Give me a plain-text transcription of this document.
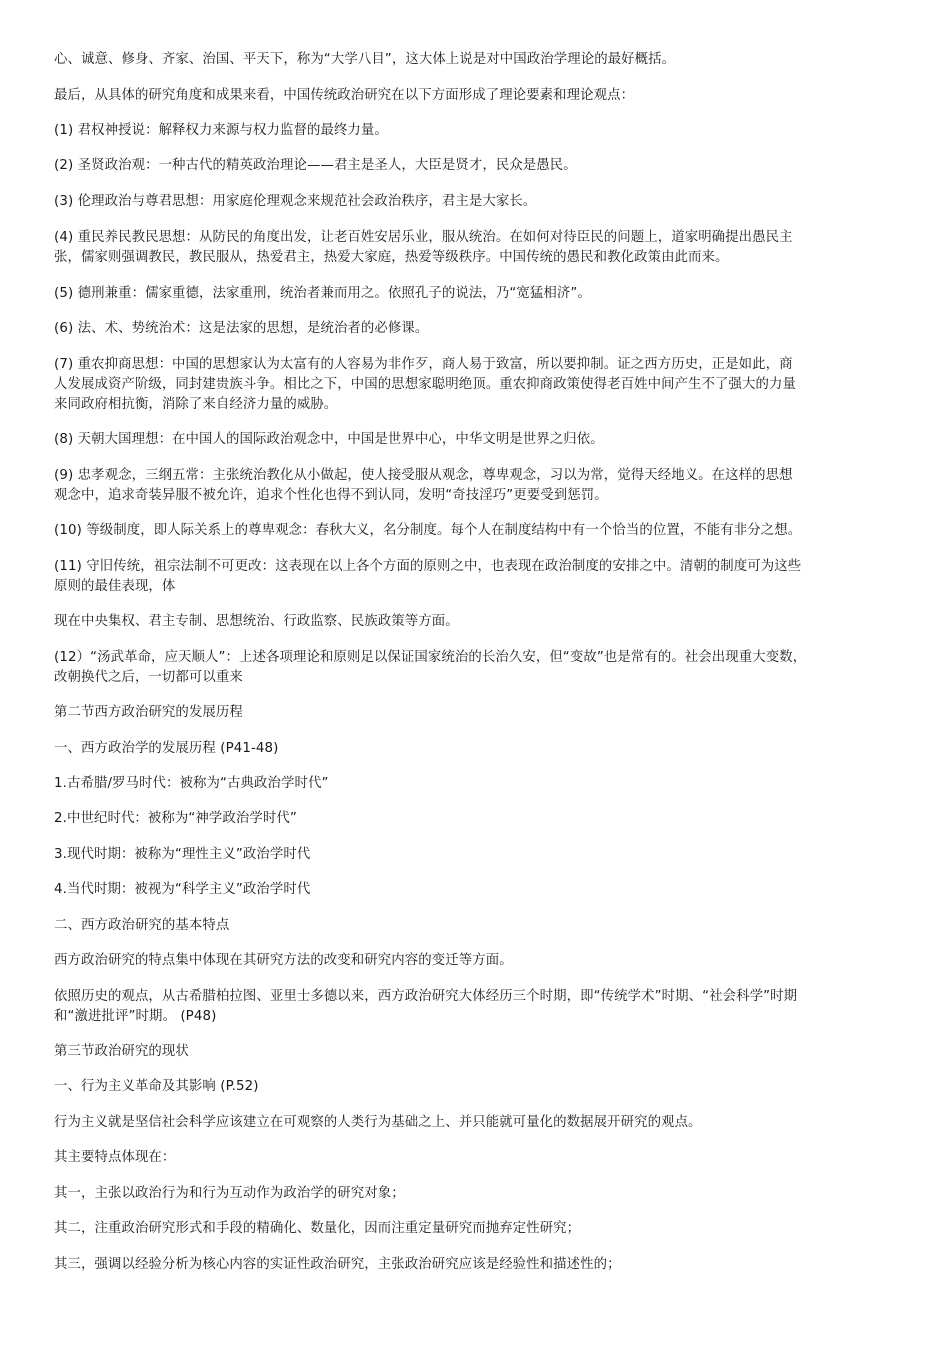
心、诚意、修身、齐家、治国、平天下，称为“大学八目”，这大体上说是对中国政治学理论的最好概括。
最后，从具体的研究角度和成果来看，中国传统政治研究在以下方面形成了理论要素和理论观点：
(1) 君权神授说：解释权力来源与权力监督的最终力量。
(2) 圣贤政治观：一种古代的精英政治理论——君主是圣人，大臣是贤才，民众是愚民。
(3) 伦理政治与尊君思想：用家庭伦理观念来规范社会政治秩序，君主是大家长。
(4) 重民养民教民思想：从防民的角度出发，让老百姓安居乐业，服从统治。在如何对待臣民的问题上，道家明确提出愚民主
张，儒家则强调教民，教民服从，热爱君主，热爱大家庭，热爱等级秩序。中国传统的愚民和教化政策由此而来。
(5) 德刑兼重：儒家重德，法家重刑，统治者兼而用之。依照孔子的说法，乃“宽猛相济”。
(6) 法、术、势统治术：这是法家的思想，是统治者的必修课。
(7) 重农抑商思想：中国的思想家认为太富有的人容易为非作歹，商人易于致富，所以要抑制。证之西方历史，正是如此，商
人发展成资产阶级，同封建贵族斗争。相比之下，中国的思想家聪明绝顶。重农抑商政策使得老百姓中间产生不了强大的力量
来同政府相抗衡，消除了来自经济力量的威胁。
(8) 天朝大国理想：在中国人的国际政治观念中，中国是世界中心，中华文明是世界之归依。
(9) 忠孝观念，三纲五常：主张统治教化从小做起，使人接受服从观念，尊卑观念，习以为常，觉得天经地义。在这样的思想
观念中，追求奇装异服不被允许，追求个性化也得不到认同，发明“奇技淫巧”更要受到惩罚。
(10) 等级制度，即人际关系上的尊卑观念：春秋大义，名分制度。每个人在制度结构中有一个恰当的位置，不能有非分之想。
(11) 守旧传统，祖宗法制不可更改：这表现在以上各个方面的原则之中，也表现在政治制度的安排之中。清朝的制度可为这些
原则的最佳表现，体
现在中央集权、君主专制、思想统治、行政监察、民族政策等方面。
(12）“汤武革命，应天顺人”：上述各项理论和原则足以保证国家统治的长治久安，但“变故”也是常有的。社会出现重大变数，
改朝换代之后，一切都可以重来
第二节西方政治研究的发展历程
一、西方政治学的发展历程 (P41-48)
1.古希腊/罗马时代：被称为“古典政治学时代”
2.中世纪时代：被称为“神学政治学时代”
3.现代时期：被称为“理性主义”政治学时代
4.当代时期：被视为“科学主义”政治学时代
二、西方政治研究的基本特点
西方政治研究的特点集中体现在其研究方法的改变和研究内容的变迁等方面。
依照历史的观点，从古希腊柏拉图、亚里士多德以来，西方政治研究大体经历三个时期，即“传统学术”时期、“社会科学”时期
和“激进批评”时期。 (P48)
第三节政治研究的现状
一、行为主义革命及其影响 (P.52)
行为主义就是坚信社会科学应该建立在可观察的人类行为基础之上、并只能就可量化的数据展开研究的观点。
其主要特点体现在：
其一，主张以政治行为和行为互动作为政治学的研究对象；
其二，注重政治研究形式和手段的精确化、数量化，因而注重定量研究而抛弃定性研究；
其三，强调以经验分析为核心内容的实证性政治研究，主张政治研究应该是经验性和描述性的；
